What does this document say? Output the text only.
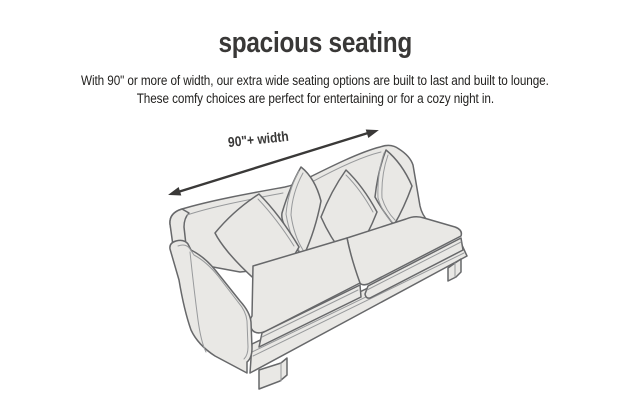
spacious seating
With 90" or more of width, our extra wide seating options are built to last and built to lounge.
These comfy choices are perfect for entertaining or for a cozy night in.
90"+ width
